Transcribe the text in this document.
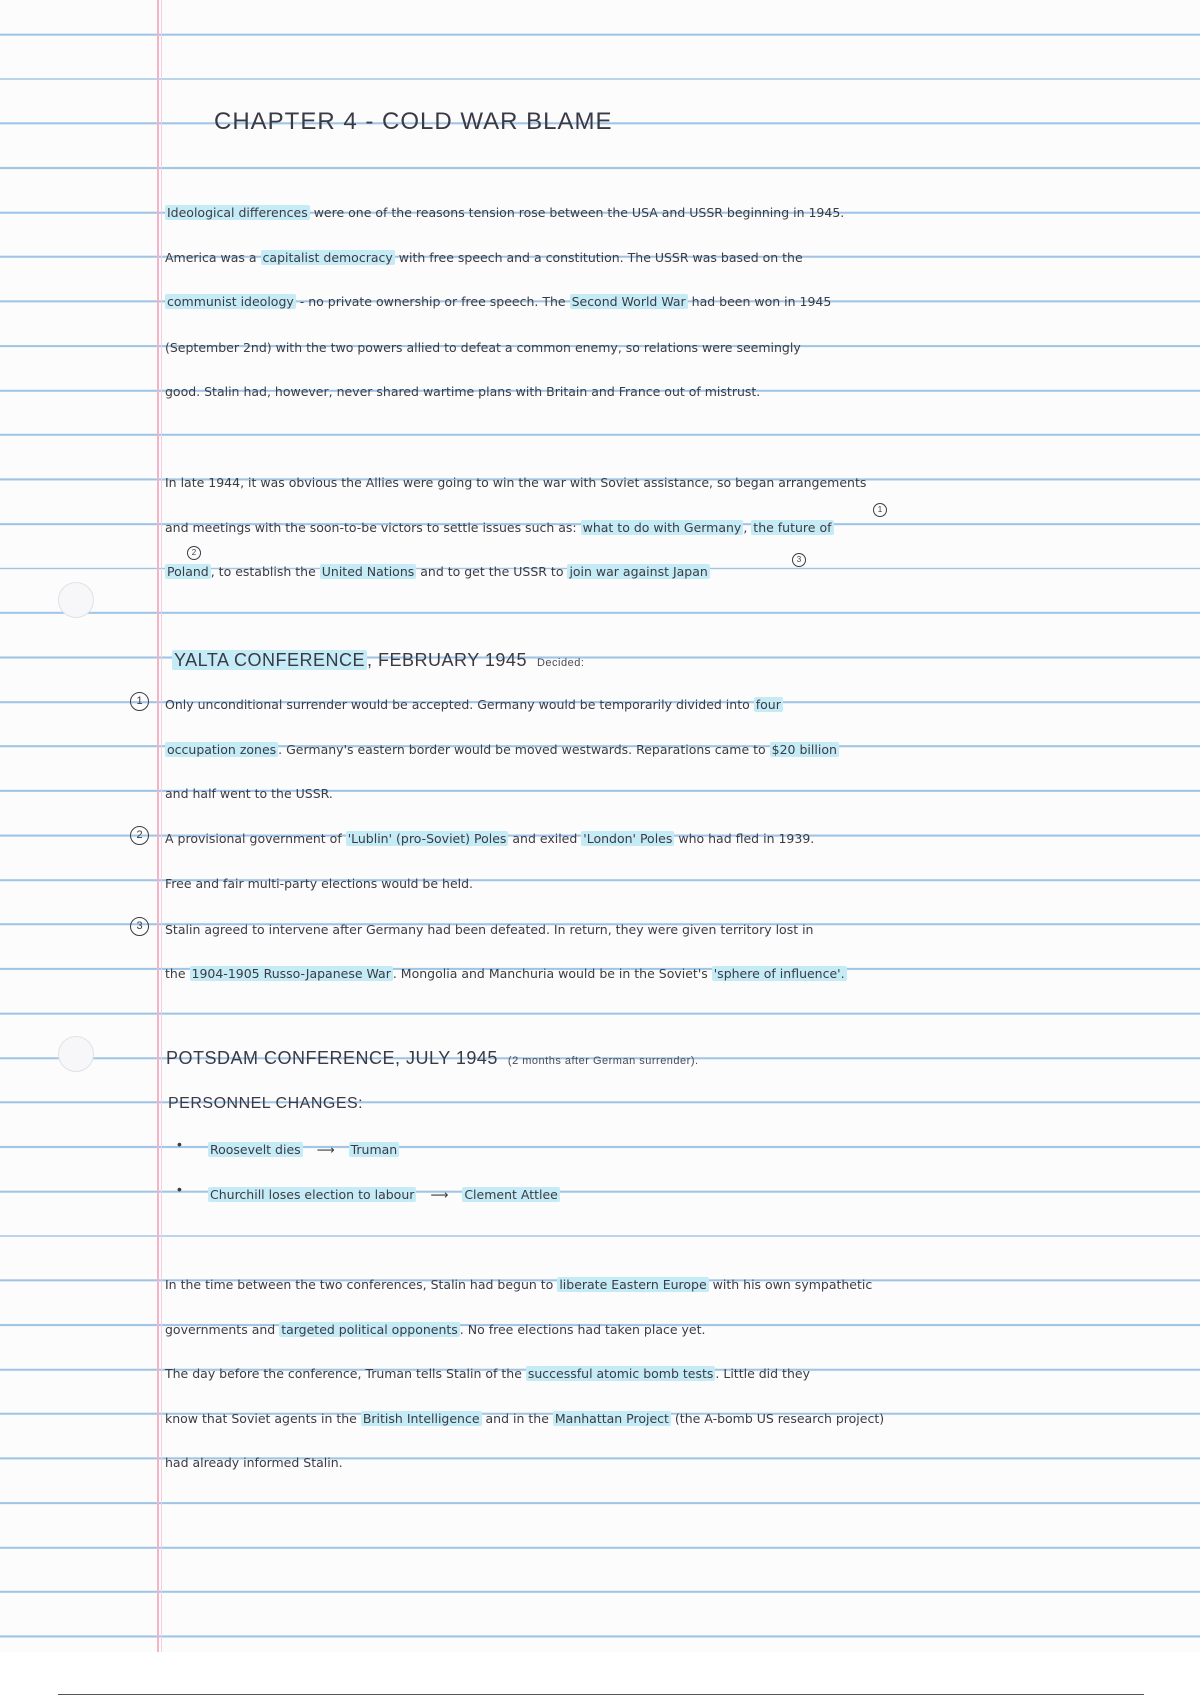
CHAPTER 4 - COLD WAR BLAME
Ideological differences were one of the reasons tension rose between the USA and USSR beginning in 1945.
America was a capitalist democracy with free speech and a constitution. The USSR was based on the
communist ideology - no private ownership or free speech. The Second World War had been won in 1945
(September 2nd) with the two powers allied to defeat a common enemy, so relations were seemingly
good. Stalin had, however, never shared wartime plans with Britain and France out of mistrust.
In late 1944, it was obvious the Allies were going to win the war with Soviet assistance, so began arrangements
1
and meetings with the soon-to-be victors to settle issues such as: what to do with Germany , the future of
2
3
Poland , to establish the United Nations and to get the USSR to join war against Japan
YALTA CONFERENCE , FEBRUARY 1945 Decided:
1	Only unconditional surrender would be accepted. Germany would be temporarily divided into four
occupation zones . Germany's eastern border would be moved westwards. Reparations came to $20 billion
and half went to the USSR.
2	A provisional government of 'Lublin' (pro-Soviet) Poles and exiled 'London' Poles who had fled in 1939.
Free and fair multi-party elections would be held.
3	Stalin agreed to intervene after Germany had been defeated. In return, they were given territory lost in
the 1904-1905 Russo-Japanese War . Mongolia and Manchuria would be in the Soviet's 'sphere of influence'.
POTSDAM CONFERENCE, JULY 1945 (2 months after German surrender).
PERSONNEL CHANGES:
• Roosevelt dies ⟶ Truman
• Churchill loses election to labour ⟶ Clement Attlee
In the time between the two conferences, Stalin had begun to liberate Eastern Europe with his own sympathetic
governments and targeted political opponents . No free elections had taken place yet.
The day before the conference, Truman tells Stalin of the successful atomic bomb tests . Little did they
know that Soviet agents in the British Intelligence and in the Manhattan Project (the A-bomb US research project)
had already informed Stalin.
